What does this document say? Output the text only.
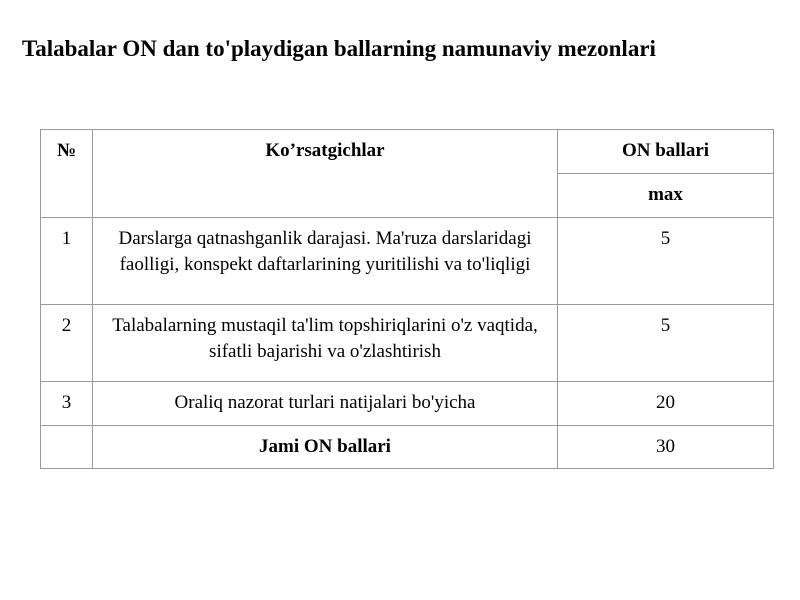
Talabalar ON dan to'playdigan ballarning namunaviy mezonlari
№	Ko’rsatgichlar	ON ballari
		max
1	Darslarga qatnashganlik darajasi. Ma'ruza darslaridagi faolligi, konspekt daftarlarining yuritilishi va to'liqligi	5
2	Talabalarning mustaqil ta'lim topshiriqlarini o'z vaqtida, sifatli bajarishi va o'zlashtirish	5
3	Oraliq nazorat turlari natijalari bo'yicha	20
	Jami ON ballari	30
